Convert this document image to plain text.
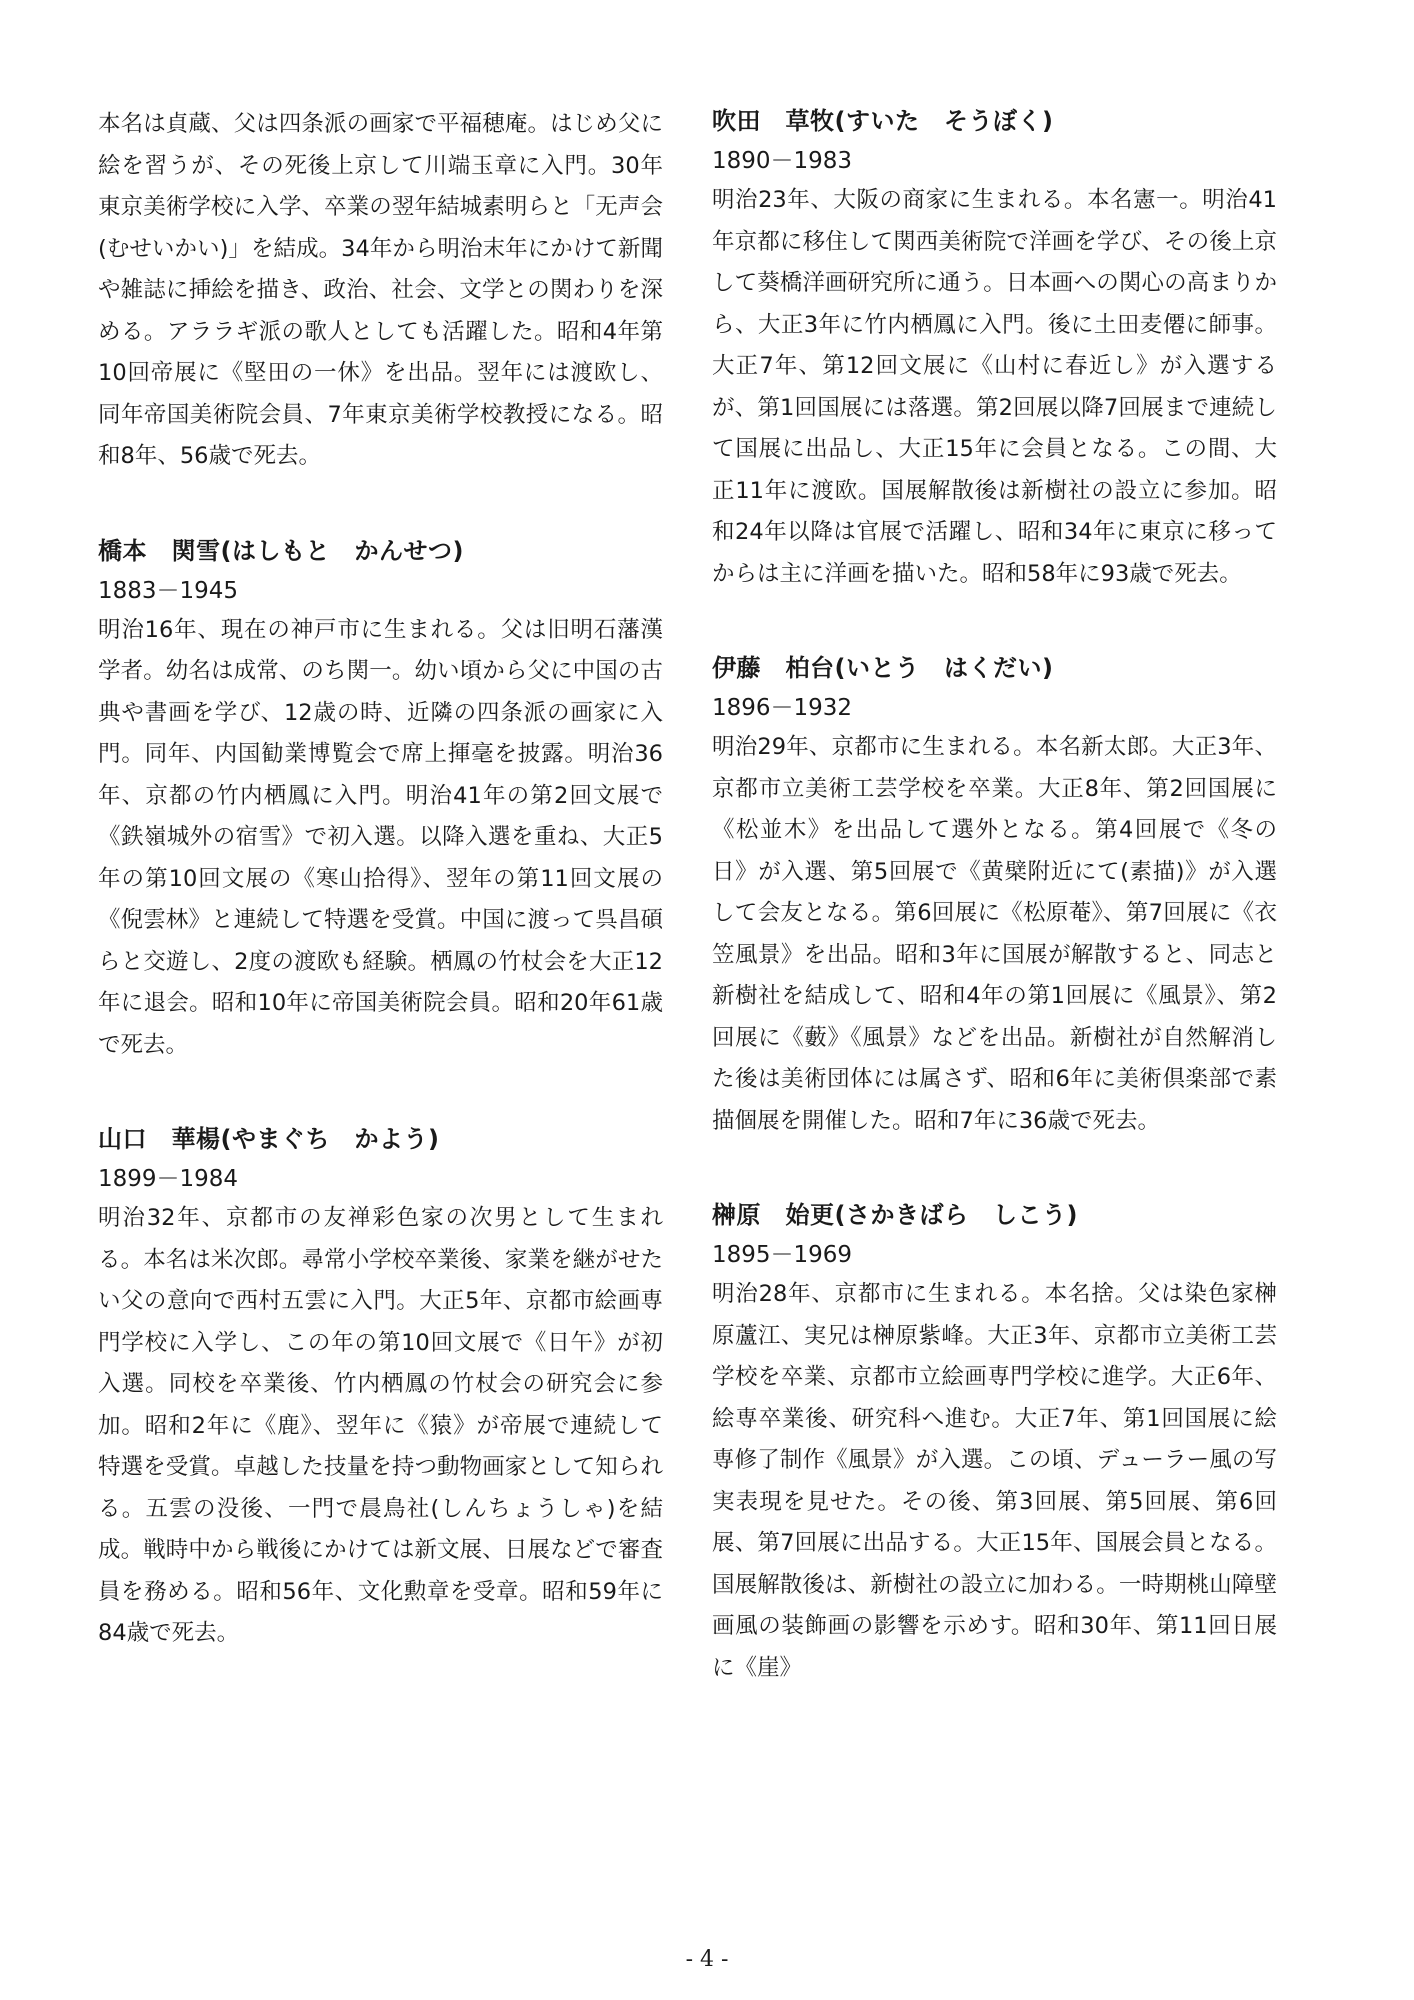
本名は貞蔵、父は四条派の画家で平福穂庵。はじめ父に絵を習うが、その死後上京して川端玉章に入門。30年東京美術学校に入学、卒業の翌年結城素明らと「无声会(むせいかい)」を結成。34年から明治末年にかけて新聞や雑誌に挿絵を描き、政治、社会、文学との関わりを深める。アララギ派の歌人としても活躍した。昭和4年第10回帝展に《堅田の一休》を出品。翌年には渡欧し、同年帝国美術院会員、7年東京美術学校教授になる。昭和8年、56歳で死去。

橋本　関雪(はしもと　かんせつ)
1883－1945

明治16年、現在の神戸市に生まれる。父は旧明石藩漢学者。幼名は成常、のち関一。幼い頃から父に中国の古典や書画を学び、12歳の時、近隣の四条派の画家に入門。同年、内国勧業博覧会で席上揮毫を披露。明治36年、京都の竹内栖鳳に入門。明治41年の第2回文展で《鉄嶺城外の宿雪》で初入選。以降入選を重ね、大正5年の第10回文展の《寒山拾得》、翌年の第11回文展の《倪雲林》と連続して特選を受賞。中国に渡って呉昌碩らと交遊し、2度の渡欧も経験。栖鳳の竹杖会を大正12年に退会。昭和10年に帝国美術院会員。昭和20年61歳で死去。

山口　華楊(やまぐち　かよう)
1899－1984

明治32年、京都市の友禅彩色家の次男として生まれる。本名は米次郎。尋常小学校卒業後、家業を継がせたい父の意向で西村五雲に入門。大正5年、京都市絵画専門学校に入学し、この年の第10回文展で《日午》が初入選。同校を卒業後、竹内栖鳳の竹杖会の研究会に参加。昭和2年に《鹿》、翌年に《猿》が帝展で連続して特選を受賞。卓越した技量を持つ動物画家として知られる。五雲の没後、一門で晨鳥社(しんちょうしゃ)を結成。戦時中から戦後にかけては新文展、日展などで審査員を務める。昭和56年、文化勲章を受章。昭和59年に84歳で死去。

吹田　草牧(すいた　そうぼく)
1890－1983

明治23年、大阪の商家に生まれる。本名憲一。明治41年京都に移住して関西美術院で洋画を学び、その後上京して葵橋洋画研究所に通う。日本画への関心の高まりから、大正3年に竹内栖鳳に入門。後に土田麦僊に師事。大正7年、第12回文展に《山村に春近し》が入選するが、第1回国展には落選。第2回展以降7回展まで連続して国展に出品し、大正15年に会員となる。この間、大正11年に渡欧。国展解散後は新樹社の設立に参加。昭和24年以降は官展で活躍し、昭和34年に東京に移ってからは主に洋画を描いた。昭和58年に93歳で死去。

伊藤　柏台(いとう　はくだい)
1896－1932

明治29年、京都市に生まれる。本名新太郎。大正3年、京都市立美術工芸学校を卒業。大正8年、第2回国展に《松並木》を出品して選外となる。第4回展で《冬の日》が入選、第5回展で《黄檗附近にて(素描)》が入選して会友となる。第6回展に《松原菴》、第7回展に《衣笠風景》を出品。昭和3年に国展が解散すると、同志と新樹社を結成して、昭和4年の第1回展に《風景》、第2回展に《藪》《風景》などを出品。新樹社が自然解消した後は美術団体には属さず、昭和6年に美術倶楽部で素描個展を開催した。昭和7年に36歳で死去。

榊原　始更(さかきばら　しこう)
1895－1969

明治28年、京都市に生まれる。本名捨。父は染色家榊原蘆江、実兄は榊原紫峰。大正3年、京都市立美術工芸学校を卒業、京都市立絵画専門学校に進学。大正6年、絵専卒業後、研究科へ進む。大正7年、第1回国展に絵専修了制作《風景》が入選。この頃、デューラー風の写実表現を見せた。その後、第3回展、第5回展、第6回展、第7回展に出品する。大正15年、国展会員となる。国展解散後は、新樹社の設立に加わる。一時期桃山障壁画風の装飾画の影響を示めす。昭和30年、第11回日展に《崖》

- 4 -
